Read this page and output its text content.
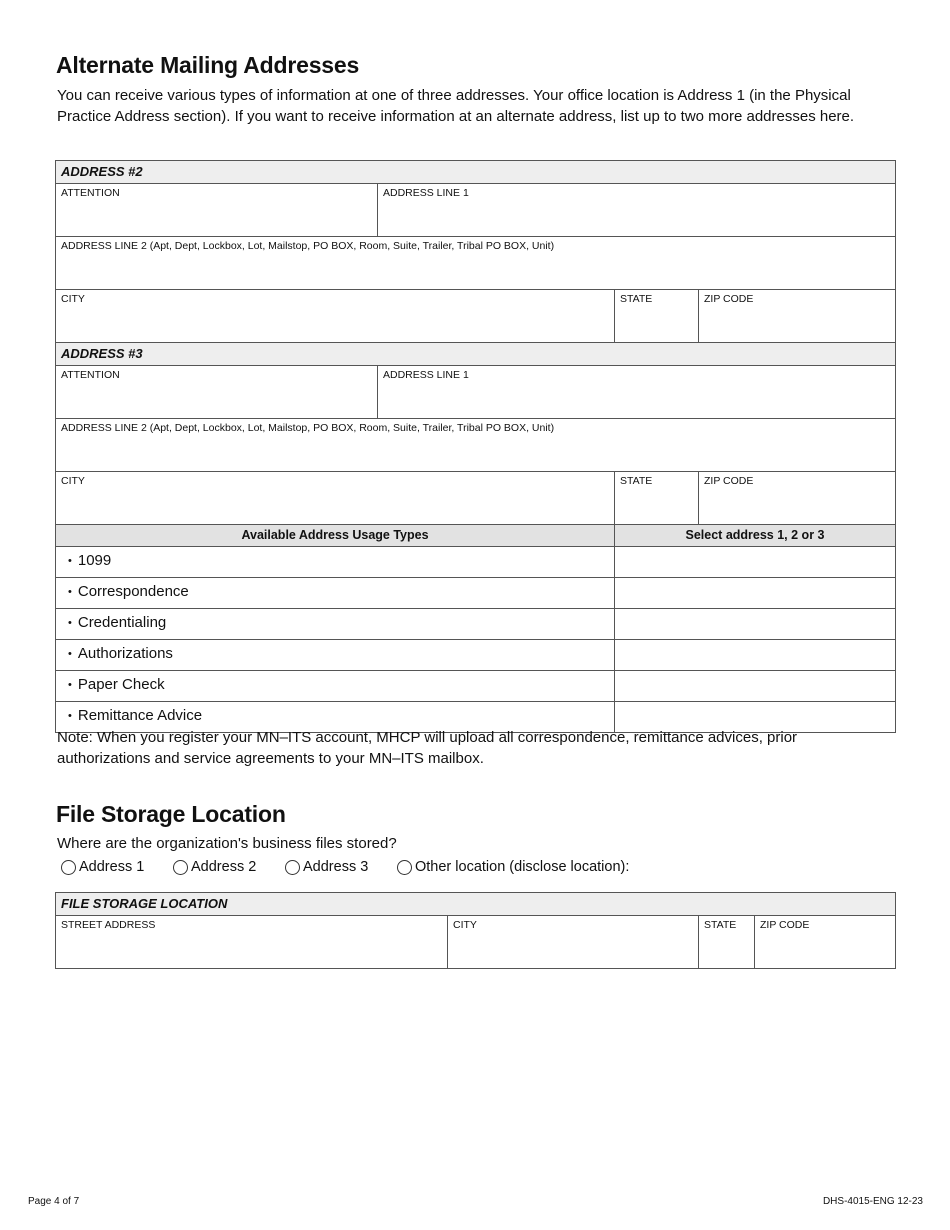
Alternate Mailing Addresses

You can receive various types of information at one of three addresses. Your office location is Address 1 (in the Physical Practice Address section). If you want to receive information at an alternate address, list up to two more addresses here.

ADDRESS #2			
ATTENTION	ADDRESS LINE 1		
ADDRESS LINE 2 (Apt, Dept, Lockbox, Lot, Mailstop, PO BOX, Room, Suite, Trailer, Tribal PO BOX, Unit)			
CITY		STATE	ZIP CODE
ADDRESS #3			
ATTENTION	ADDRESS LINE 1		
ADDRESS LINE 2 (Apt, Dept, Lockbox, Lot, Mailstop, PO BOX, Room, Suite, Trailer, Tribal PO BOX, Unit)			
CITY		STATE	ZIP CODE
Available Address Usage Types		Select address 1, 2 or 3	
• 1099			
• Correspondence			
• Credentialing			
• Authorizations			
• Paper Check			
• Remittance Advice			

Note: When you register your MN–ITS account, MHCP will upload all correspondence, remittance advices, prior authorizations and service agreements to your MN–ITS mailbox.

File Storage Location

Where are the organization's business files stored?

Address 1	Address 2	Address 3	Other location (disclose location):
FILE STORAGE LOCATION
STREET ADDRESS	CITY	STATE	ZIP CODE

Page 4 of 7	DHS-4015-ENG 12-23
